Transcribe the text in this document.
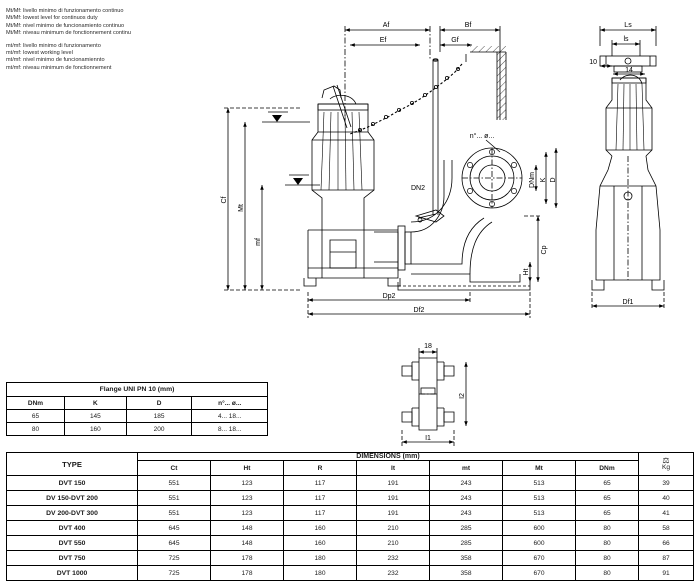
Mt/Mf: livello minimo di funzionamento continuo
Mt/Mf: lowest level for continuos duty
Mt/Mf: nivel minimo de funcionamiento continuo
Mt/Mf: niveau minimum de fonctionnement continu
mt/mf: livello minimo di funzionamento
mt/mf: lowest working level
mt/mf: nivel minimo de funcionamiennto
mt/mf: niveau minimum de fonctionnement
Af	Bf
Ef	Gf
Cf
Mt
mf
DN2
DNm K D
Cp
Ht
Dp2
Df2
Df1
Ls
ls
14
10
n°... ø...
18
I2
I1
Flange UNI PN 10 (mm)			
DNm	K	D	n°... ø...
65	145	185	4... 18...
80	160	200	8... 18...
TYPE	DIMENSIONS (mm)							⚖
Kg

	Ct	Ht	R	It	mt	Mt	DNm	
DVT 150	551	123	117	191	243	513	65	39
DV 150-DVT 200	551	123	117	191	243	513	65	40
DV 200-DVT 300	551	123	117	191	243	513	65	41
DVT 400	645	148	160	210	285	600	80	58
DVT 550	645	148	160	210	285	600	80	66
DVT 750	725	178	180	232	358	670	80	87
DVT 1000	725	178	180	232	358	670	80	91
